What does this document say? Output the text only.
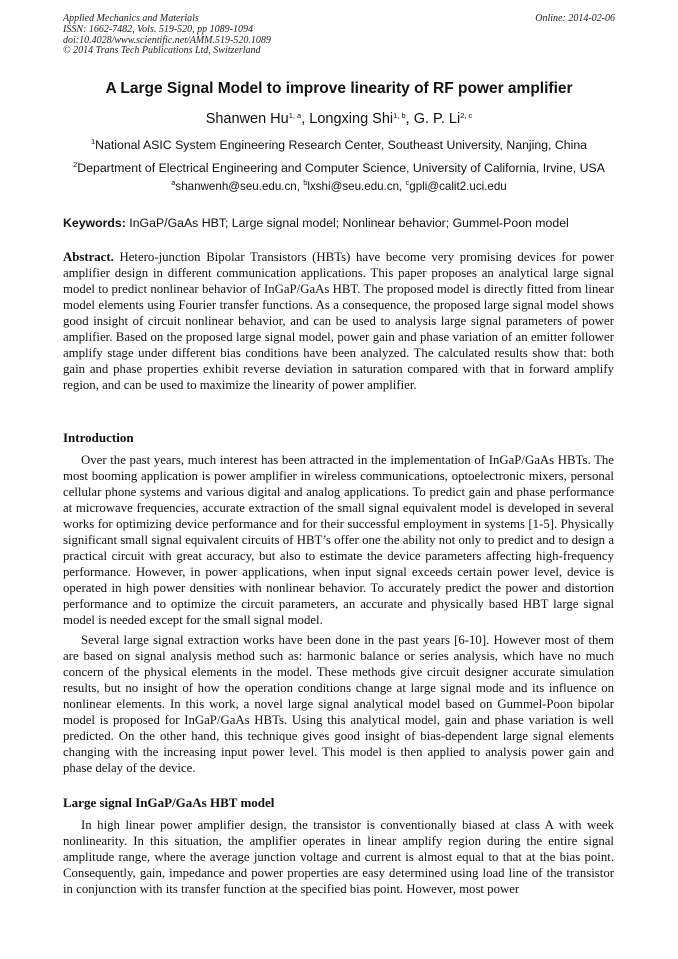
Applied Mechanics and Materials
ISSN: 1662-7482, Vols. 519-520, pp 1089-1094
doi:10.4028/www.scientific.net/AMM.519-520.1089
© 2014 Trans Tech Publications Ltd, Switzerland
Online: 2014-02-06
A Large Signal Model to improve linearity of RF power amplifier
Shanwen Hu$^{1, a}$, Longxing Shi$^{1, b}$, G. P. Li$^{2, c}$
$^1$National ASIC System Engineering Research Center, Southeast University, Nanjing, China
$^2$Department of Electrical Engineering and Computer Science, University of California, Irvine, USA
$^a$shanwenh@seu.edu.cn, $^b$lxshi@seu.edu.cn, $^c$gpli@calit2.uci.edu
Keywords: InGaP/GaAs HBT; Large signal model; Nonlinear behavior; Gummel-Poon model

Abstract. Hetero-junction Bipolar Transistors (HBTs) have become very promising devices for power amplifier design in different communication applications. This paper proposes an analytical large signal model to predict nonlinear behavior of InGaP/GaAs HBT. The proposed model is directly fitted from linear model elements using Fourier transfer functions. As a consequence, the proposed large signal model shows good insight of circuit nonlinear behavior, and can be used to analysis large signal parameters of power amplifier. Based on the proposed large signal model, power gain and phase variation of an emitter follower amplify stage under different bias conditions have been analyzed. The calculated results show that: both gain and phase properties exhibit reverse deviation in saturation compared with that in forward amplify region, and can be used to maximize the linearity of power amplifier.

Introduction

Over the past years, much interest has been attracted in the implementation of InGaP/GaAs HBTs. The most booming application is power amplifier in wireless communications, optoelectronic mixers, personal cellular phone systems and various digital and analog applications. To predict gain and phase performance at microwave frequencies, accurate extraction of the small signal equivalent model is developed in several works for optimizing device performance and for their successful employment in systems [1-5]. Physically significant small signal equivalent circuits of HBT’s offer one the ability not only to predict and to design a practical circuit with great accuracy, but also to estimate the device parameters affecting high-frequency performance. However, in power applications, when input signal exceeds certain power level, device is operated in high power densities with nonlinear behavior. To accurately predict the power and distortion performance and to optimize the circuit parameters, an accurate and physically based HBT large signal model is needed except for the small signal model.

Several large signal extraction works have been done in the past years [6-10]. However most of them are based on signal analysis method such as: harmonic balance or series analysis, which have no much concern of the physical elements in the model. These methods give circuit designer accurate simulation results, but no insight of how the operation conditions change at large signal mode and its influence on nonlinear elements. In this work, a novel large signal analytical model based on Gummel-Poon bipolar model is proposed for InGaP/GaAs HBTs. Using this analytical model, gain and phase variation is well predicted. On the other hand, this technique gives good insight of bias-dependent large signal elements changing with the increasing input power level. This model is then applied to analysis power gain and phase delay of the device.

Large signal InGaP/GaAs HBT model

In high linear power amplifier design, the transistor is conventionally biased at class A with week nonlinearity. In this situation, the amplifier operates in linear amplify region during the entire signal amplitude range, where the average junction voltage and current is almost equal to that at the bias point. Consequently, gain, impedance and power properties are easy determined using load line of the transistor in conjunction with its transfer function at the specified bias point. However, most power
